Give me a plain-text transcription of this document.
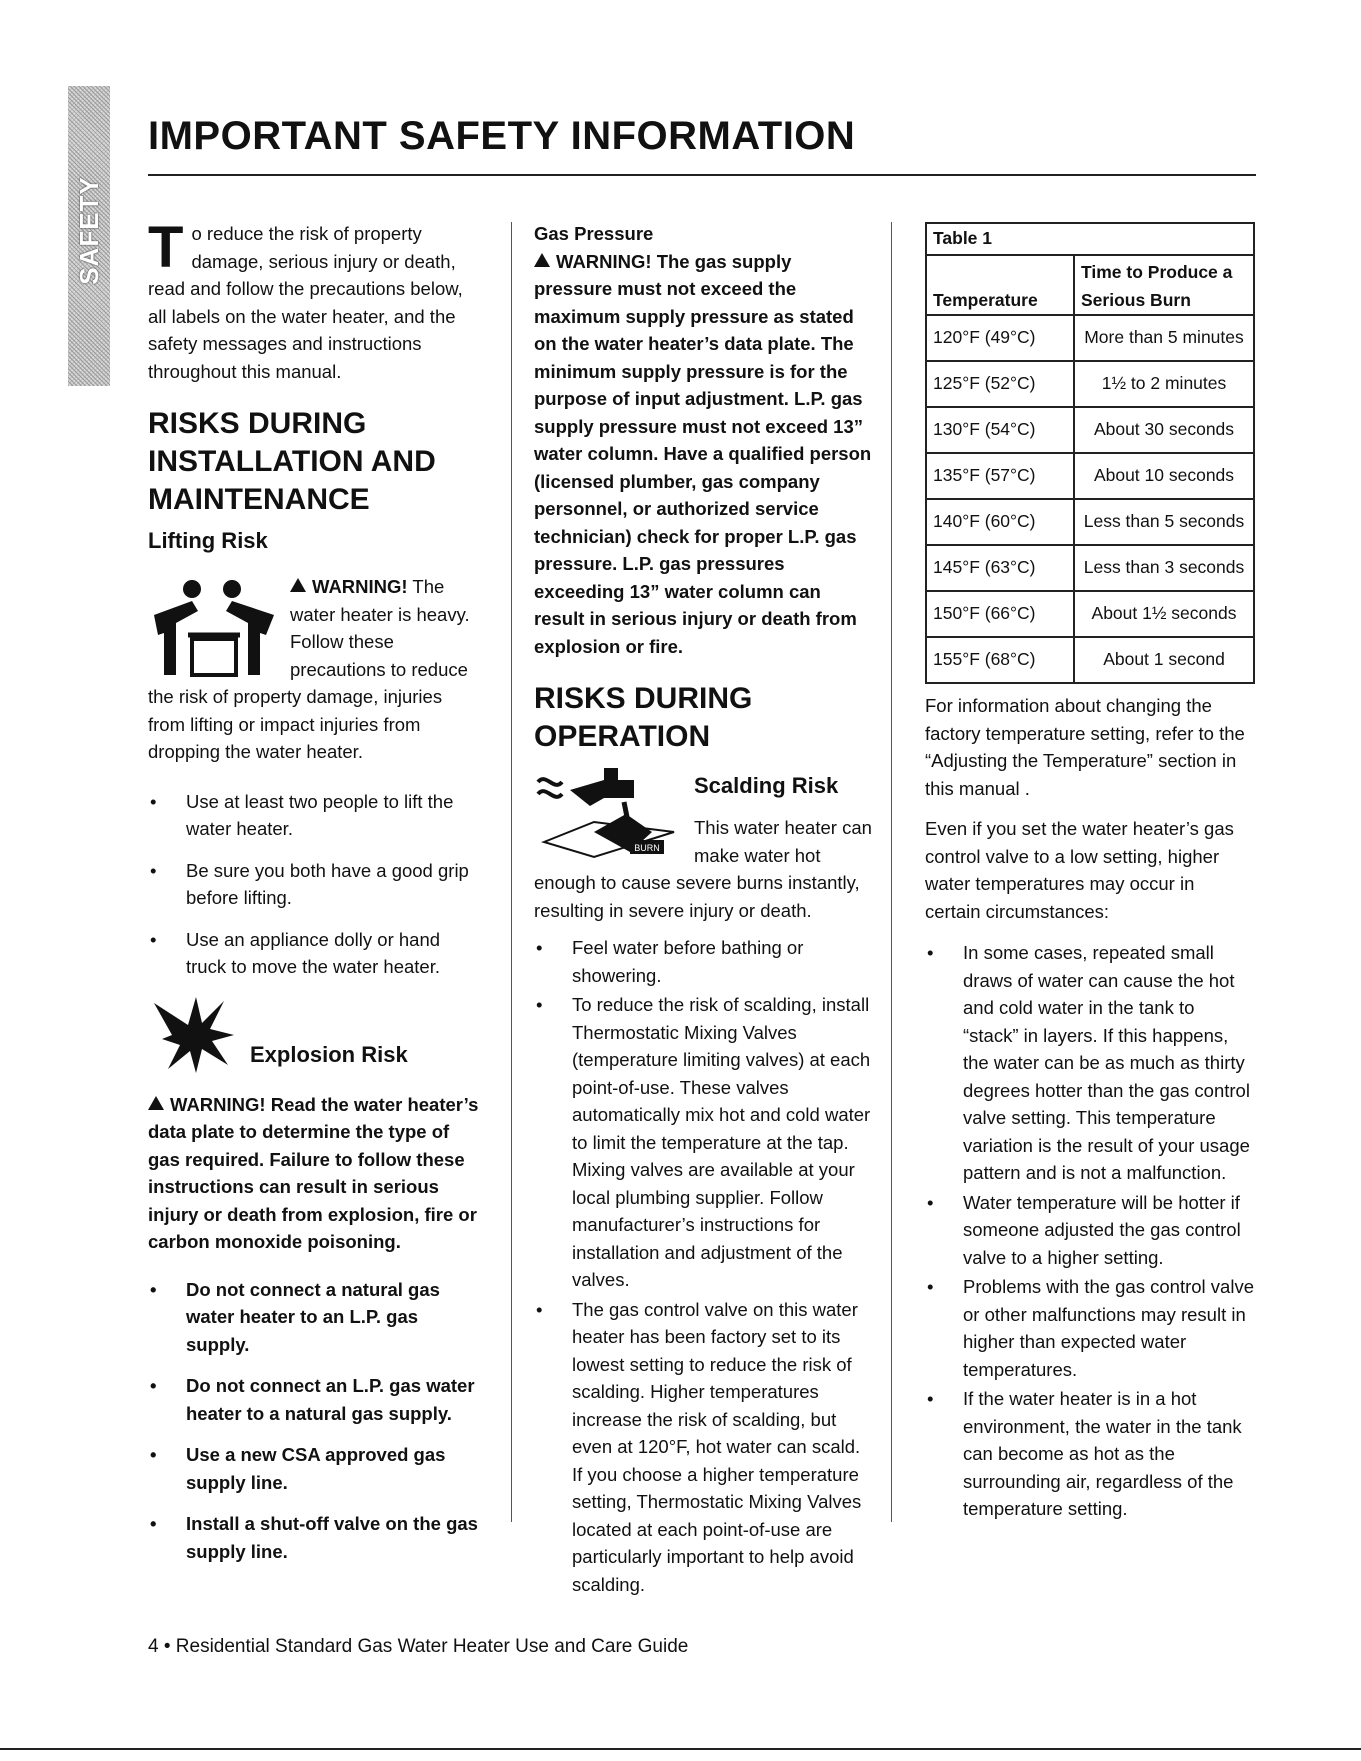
SAFETY
IMPORTANT SAFETY INFORMATION

To reduce the risk of property damage, serious injury or death, read and follow the precautions below, all labels on the water heater, and the safety messages and instructions throughout this manual.

RISKS DURING INSTALLATION AND MAINTENANCE

Lifting Risk

WARNING! The water heater is heavy. Follow these precautions to reduce the risk of property damage, injuries from lifting or impact injuries from dropping the water heater.

• Use at least two people to lift the water heater.
• Be sure you both have a good grip before lifting.
• Use an appliance dolly or hand truck to move the water heater.
Explosion Risk

WARNING! Read the water heater’s data plate to determine the type of gas required. Failure to follow these instructions can result in serious injury or death from explosion, fire or carbon monoxide poisoning.

• Do not connect a natural gas water heater to an L.P. gas supply.
• Do not connect an L.P. gas water heater to a natural gas supply.
• Use a new CSA approved gas supply line.
• Install a shut-off valve on the gas supply line.

Gas Pressure

WARNING! The gas supply pressure must not exceed the maximum supply pressure as stated on the water heater’s data plate. The minimum supply pressure is for the purpose of input adjustment. L.P. gas supply pressure must not exceed 13” water column. Have a qualified person (licensed plumber, gas company personnel, or authorized service technician) check for proper L.P. gas pressure. L.P. gas pressures exceeding 13” water column can result in serious injury or death from explosion or fire.

RISKS DURING OPERATION

BURN

Scalding Risk

This water heater can make water hot enough to cause severe burns instantly, resulting in severe injury or death.

• Feel water before bathing or showering.
• To reduce the risk of scalding, install Thermostatic Mixing Valves (temperature limiting valves) at each point-of-use. These valves automatically mix hot and cold water to limit the temperature at the tap. Mixing valves are available at your local plumbing supplier. Follow manufacturer’s instructions for installation and adjustment of the valves.
• The gas control valve on this water heater has been factory set to its lowest setting to reduce the risk of scalding. Higher temperatures increase the risk of scalding, but even at 120°F, hot water can scald. If you choose a higher temperature setting, Thermostatic Mixing Valves located at each point-of-use are particularly important to help avoid scalding.
Table 1	
Temperature	Time to Produce a Serious Burn
120°F (49°C)	More than 5 minutes
125°F (52°C)	1½ to 2 minutes
130°F (54°C)	About 30 seconds
135°F (57°C)	About 10 seconds
140°F (60°C)	Less than 5 seconds
145°F (63°C)	Less than 3 seconds
150°F (66°C)	About 1½ seconds
155°F (68°C)	About 1 second

For information about changing the factory temperature setting, refer to the “Adjusting the Temperature” section in this manual .

Even if you set the water heater’s gas control valve to a low setting, higher water temperatures may occur in certain circumstances:

• In some cases, repeated small draws of water can cause the hot and cold water in the tank to “stack” in layers. If this happens, the water can be as much as thirty degrees hotter than the gas control valve setting. This temperature variation is the result of your usage pattern and is not a malfunction.
• Water temperature will be hotter if someone adjusted the gas control valve to a higher setting.
• Problems with the gas control valve or other malfunctions may result in higher than expected water temperatures.
• If the water heater is in a hot environment, the water in the tank can become as hot as the surrounding air, regardless of the temperature setting.
4 • Residential Standard Gas Water Heater Use and Care Guide
